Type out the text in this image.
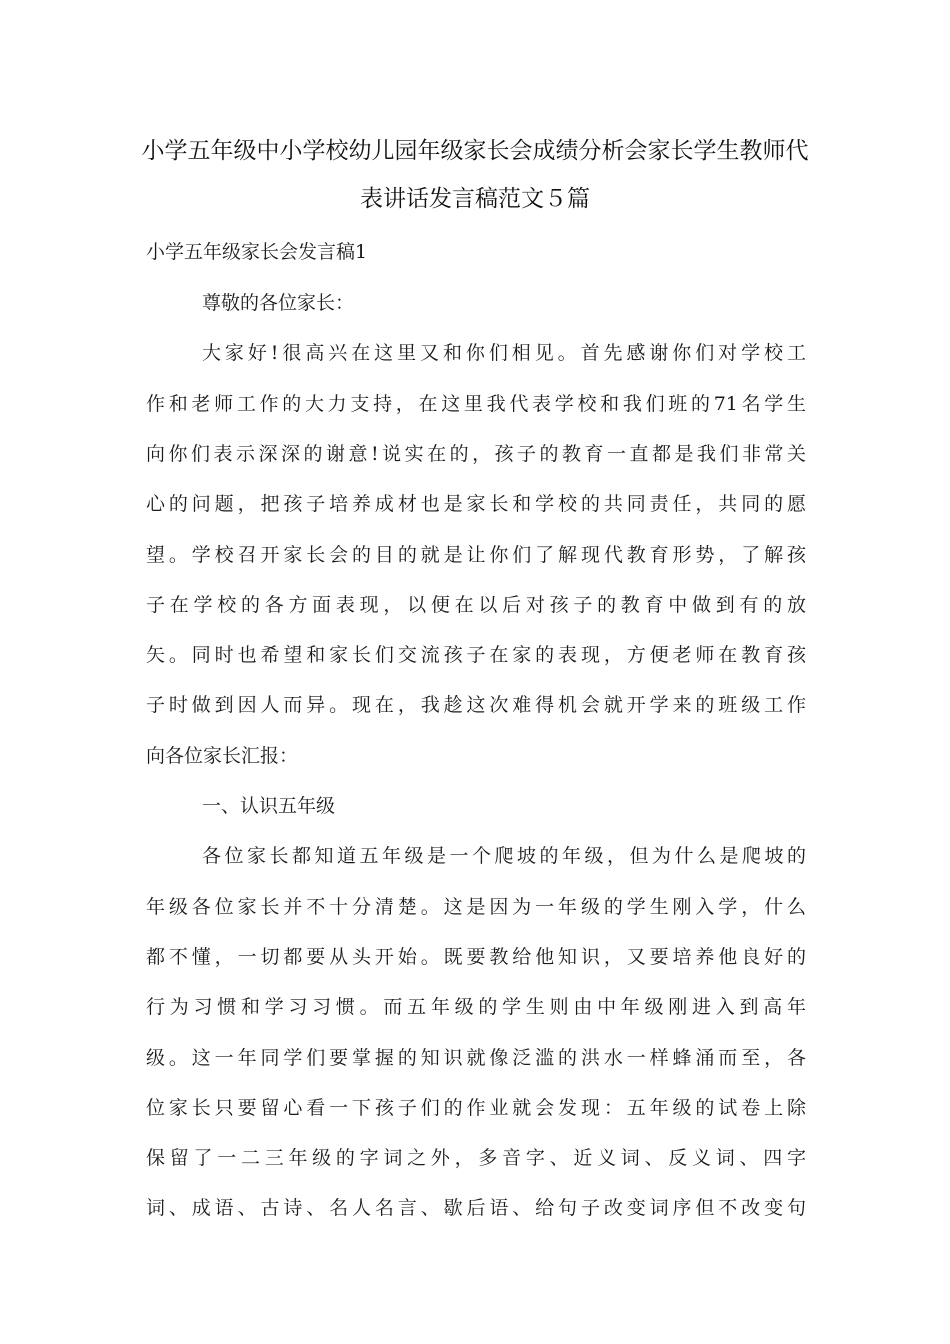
小学五年级中小学校幼儿园年级家长会成绩分析会家长学生教师代
表讲话发言稿范文５篇
小学五年级家长会发言稿1
尊敬的各位家长：
大家好!很高兴在这里又和你们相见。首先感谢你们对学校工
作和老师工作的大力支持，在这里我代表学校和我们班的71名学生
向你们表示深深的谢意!说实在的，孩子的教育一直都是我们非常关
心的问题，把孩子培养成材也是家长和学校的共同责任，共同的愿
望。学校召开家长会的目的就是让你们了解现代教育形势，了解孩
子在学校的各方面表现，以便在以后对孩子的教育中做到有的放
矢。同时也希望和家长们交流孩子在家的表现，方便老师在教育孩
子时做到因人而异。现在，我趁这次难得机会就开学来的班级工作
向各位家长汇报：
一、认识五年级
各位家长都知道五年级是一个爬坡的年级，但为什么是爬坡的
年级各位家长并不十分清楚。这是因为一年级的学生刚入学，什么
都不懂，一切都要从头开始。既要教给他知识，又要培养他良好的
行为习惯和学习习惯。而五年级的学生则由中年级刚进入到高年
级。这一年同学们要掌握的知识就像泛滥的洪水一样蜂涌而至，各
位家长只要留心看一下孩子们的作业就会发现：五年级的试卷上除
保留了一二三年级的字词之外，多音字、近义词、反义词、四字
词、成语、古诗、名人名言、歇后语、给句子改变词序但不改变句
